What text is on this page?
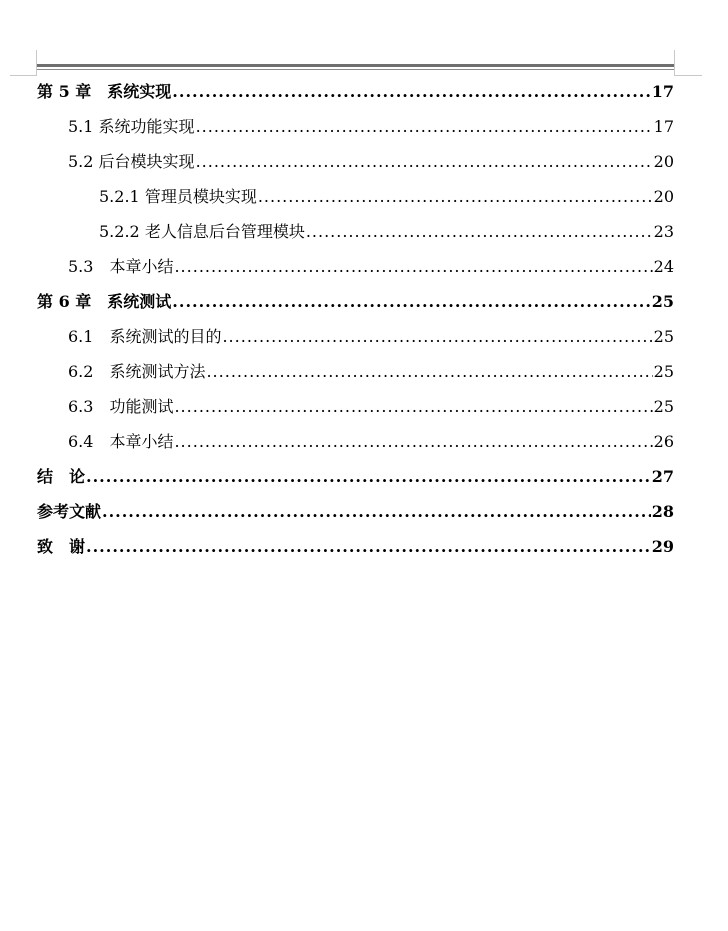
第 5 章 系统实现 .....	17
5.1 系统功能实现 .....	17
5.2 后台模块实现 .....	20
5.2.1 管理员模块实现 .....	20
5.2.2 老人信息后台管理模块 .....	23
5.3 本章小结 .....	24
第 6 章 系统测试 .....	25
6.1 系统测试的目的 .....	25
6.2 系统测试方法 .....	25
6.3 功能测试 .....	25
6.4 本章小结 .....	26
结 论 .....	27
参考文献 .....	28
致 谢 .....	29
